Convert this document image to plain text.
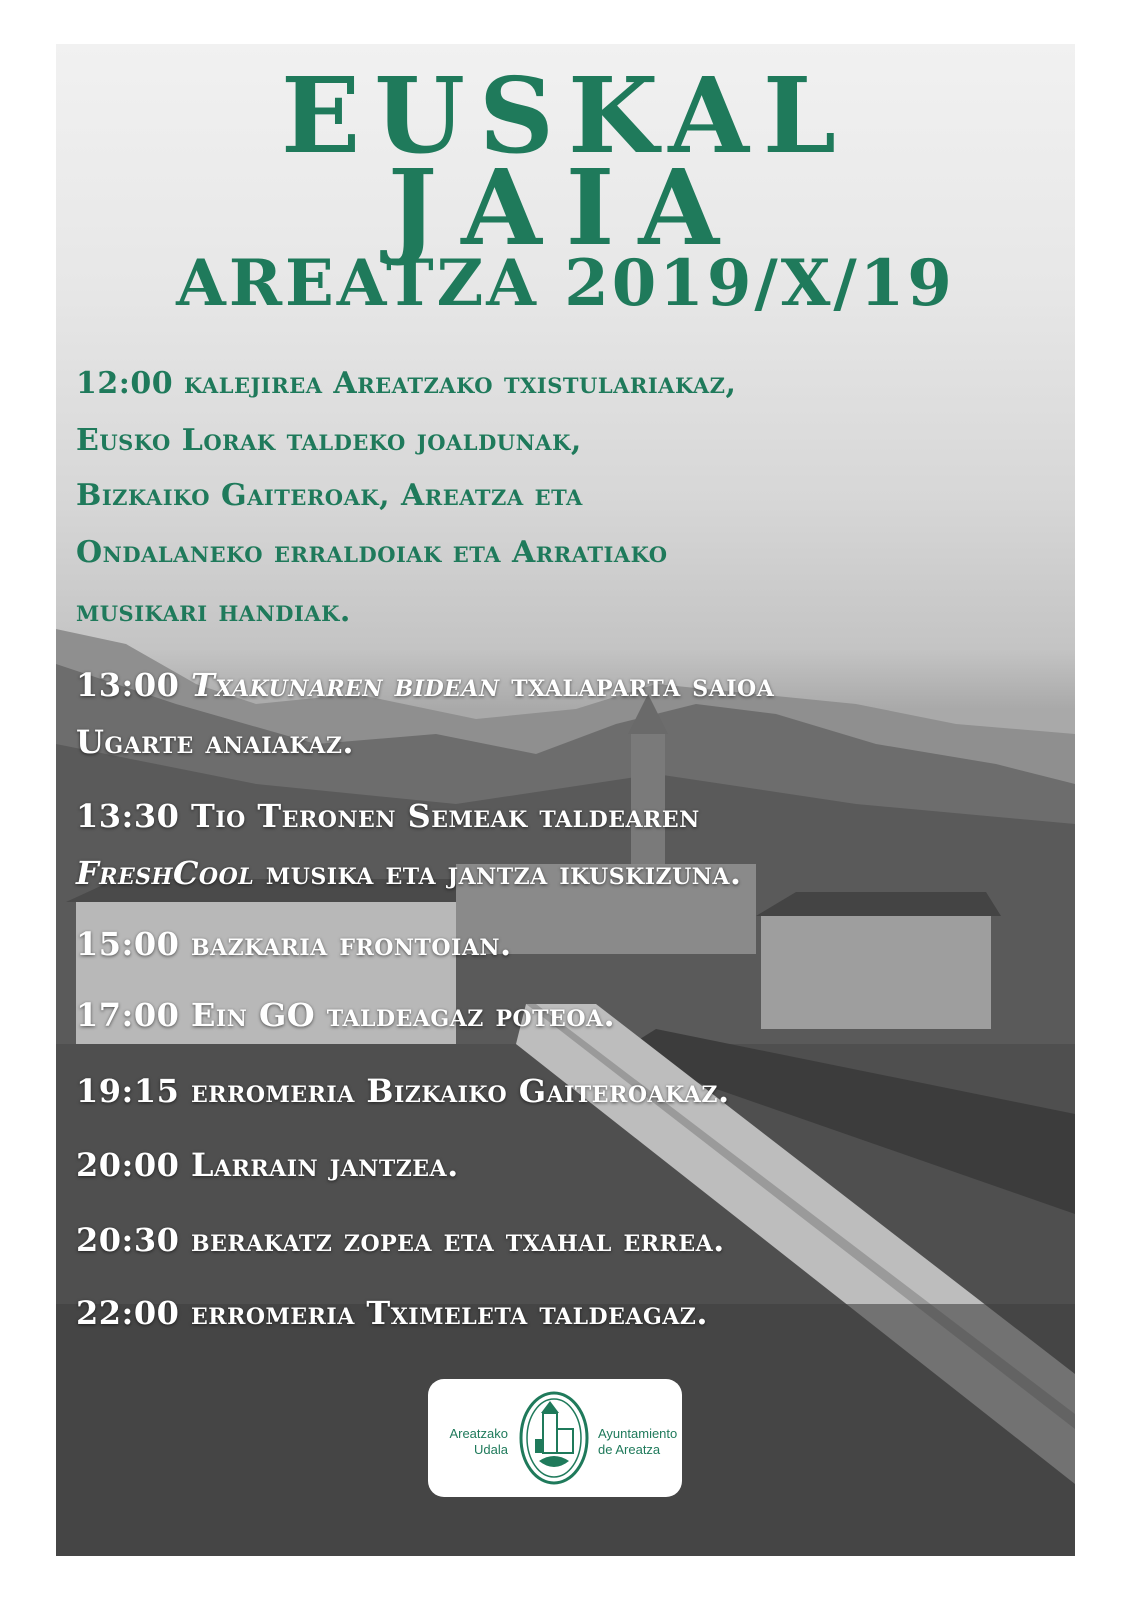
EUSKAL
JAIA
AREATZA 2019/X/19
12:00 kalejirea Areatzako txistulariakaz,
Eusko Lorak taldeko joaldunak,
Bizkaiko Gaiteroak, Areatza eta
Ondalaneko erraldoiak eta Arratiako
musikari handiak.
13:00 Txakunaren bidean txalaparta saioa
Ugarte anaiakaz.
13:30 Tio Teronen Semeak taldearen
FreshCool musika eta jantza ikuskizuna.
15:00 bazkaria frontoian.
17:00 Ein GO taldeagaz poteoa.
19:15 erromeria Bizkaiko Gaiteroakaz.
20:00 Larrain jantzea.
20:30 berakatz zopea eta txahal errea.
22:00 erromeria Tximeleta taldeagaz.
Areatzako
Udala
Ayuntamiento
de Areatza
